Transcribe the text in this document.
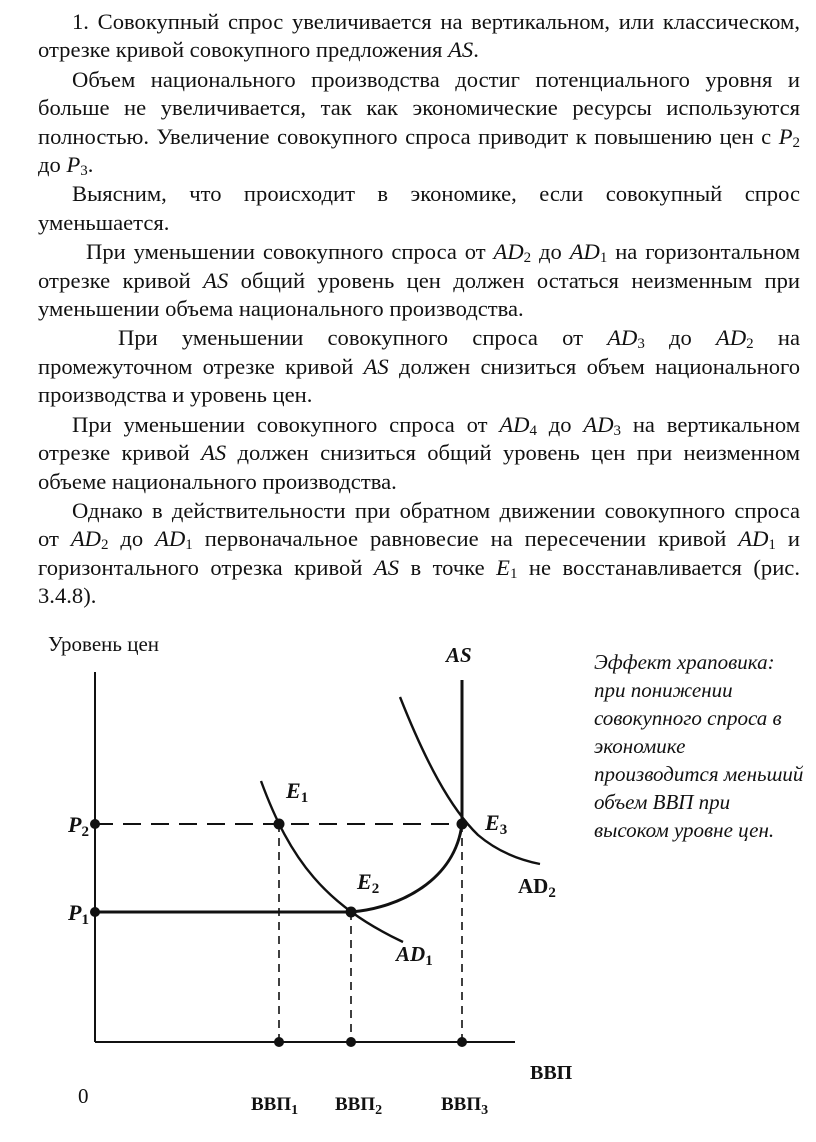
1. Совокупный спрос увеличивается на вертикальном, или классическом, отрезке кривой совокупного предложения AS.

Объем национального производства достиг потенциального уровня и больше не увеличивается, так как экономические ресурсы используются полностью. Увеличение совокупного спроса приводит к повышению цен с $P_2$ до $P_3$.

Выясним, что происходит в экономике, если совокупный спрос уменьшается.

При уменьшении совокупного спроса от $AD_2$ до $AD_1$ на горизонтальном отрезке кривой AS общий уровень цен должен остаться неизменным при уменьшении объема национального производства.

При уменьшении совокупного спроса от $AD_3$ до $AD_2$ на промежуточном отрезке кривой AS должен снизиться объем национального производства и уровень цен.

При уменьшении совокупного спроса от $AD_4$ до $AD_3$ на вертикальном отрезке кривой AS должен снизиться общий уровень цен при неизменном объеме национального производства.

Однако в действительности при обратном движении совокупного спроса от $AD_2$ до $AD_1$ первоначальное равновесие на пересечении кривой $AD_1$ и горизонтального отрезка кривой AS в точке $E_1$ не восстанавливается (рис. 3.4.8).

Уровень цен	AS
P2
P1
E1
E2
E3
AD2
AD1
ВВП
0	$ВВП_1$ $ВВП_2$	$ВВП_3$
Эффект храповика: при понижении совокупного спроса в экономике производится меньший объем ВВП при высоком уровне цен.
